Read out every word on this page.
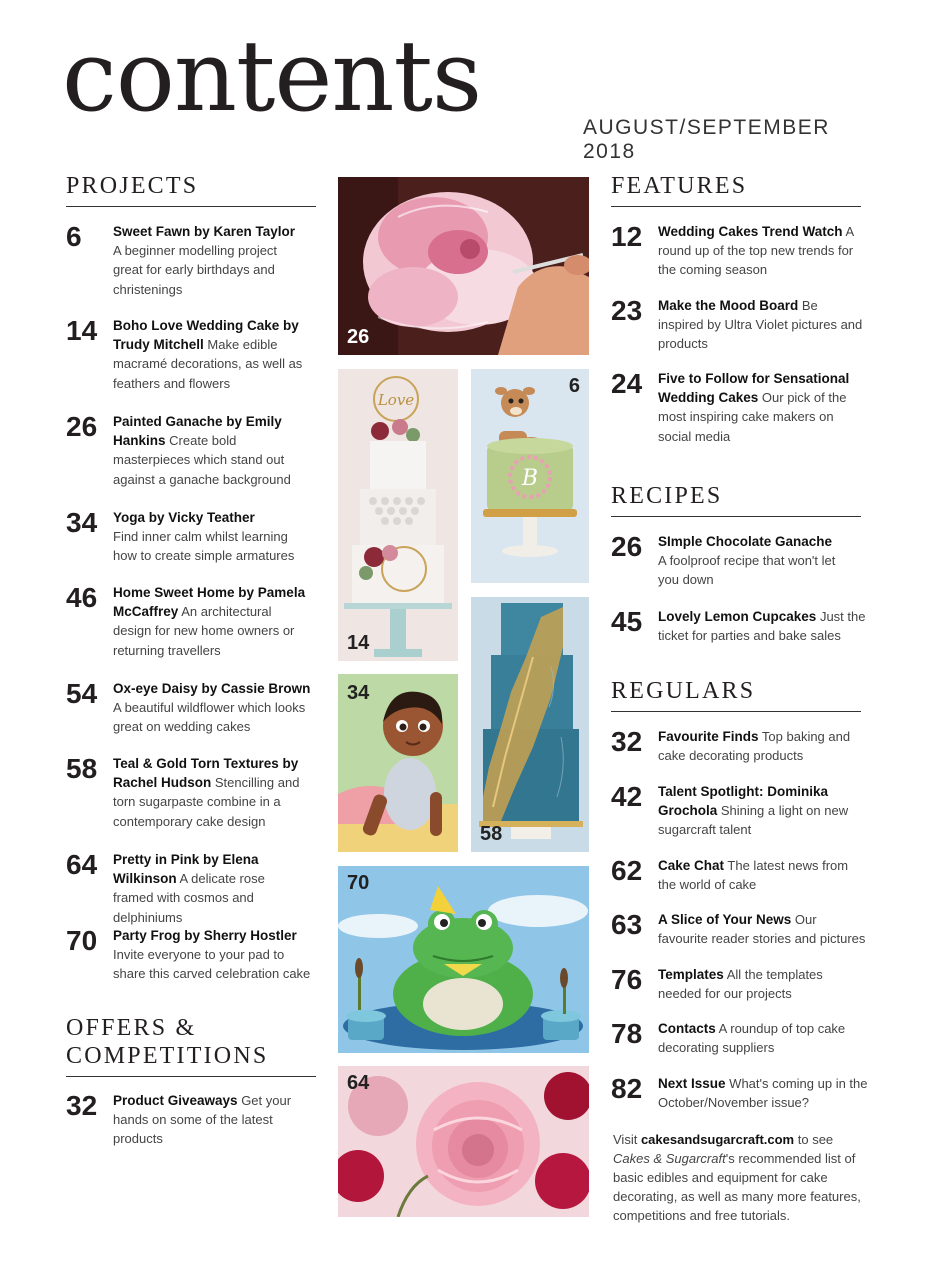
contents	AUGUST/SEPTEMBER 2018
PROJECTS
6 Sweet Fawn by Karen Taylor
A beginner modelling project great for early birthdays and christenings
14 Boho Love Wedding Cake by Trudy Mitchell Make edible macramé decorations, as well as feathers and flowers
26 Painted Ganache by Emily Hankins Create bold masterpieces which stand out against a ganache background
34 Yoga by Vicky Teather
Find inner calm whilst learning how to create simple armatures
46 Home Sweet Home by Pamela McCaffrey An architectural design for new home owners or returning travellers
54 Ox-eye Daisy by Cassie Brown
A beautiful wildflower which looks great on wedding cakes
58 Teal & Gold Torn Textures by Rachel Hudson Stencilling and torn sugarpaste combine in a contemporary cake design
64 Pretty in Pink by Elena Wilkinson A delicate rose framed with cosmos and delphiniums
70 Party Frog by Sherry Hostler
Invite everyone to your pad to share this carved celebration cake
OFFERS &
COMPETITIONS
32 Product Giveaways Get your hands on some of the latest products
FEATURES
12 Wedding Cakes Trend Watch A round up of the top new trends for the coming season
23 Make the Mood Board Be inspired by Ultra Violet pictures and products
24 Five to Follow for Sensational Wedding Cakes Our pick of the most inspiring cake makers on social media
RECIPES
26 SImple Chocolate Ganache
A foolproof recipe that won't let you down
45 Lovely Lemon Cupcakes Just the ticket for parties and bake sales
REGULARS
32 Favourite Finds Top baking and cake decorating products
42 Talent Spotlight: Dominika Grochola Shining a light on new sugarcraft talent
62 Cake Chat The latest news from the world of cake
63 A Slice of Your News Our favourite reader stories and pictures
76 Templates All the templates needed for our projects
78 Contacts A roundup of top cake decorating suppliers
82 Next Issue What's coming up in the October/November issue?
Visit cakesandsugarcraft.com to see Cakes & Sugarcraft's recommended list of basic edibles and equipment for cake decorating, as well as many more features, competitions and free tutorials.
26
Love
14
B
6
34
58
70
64
